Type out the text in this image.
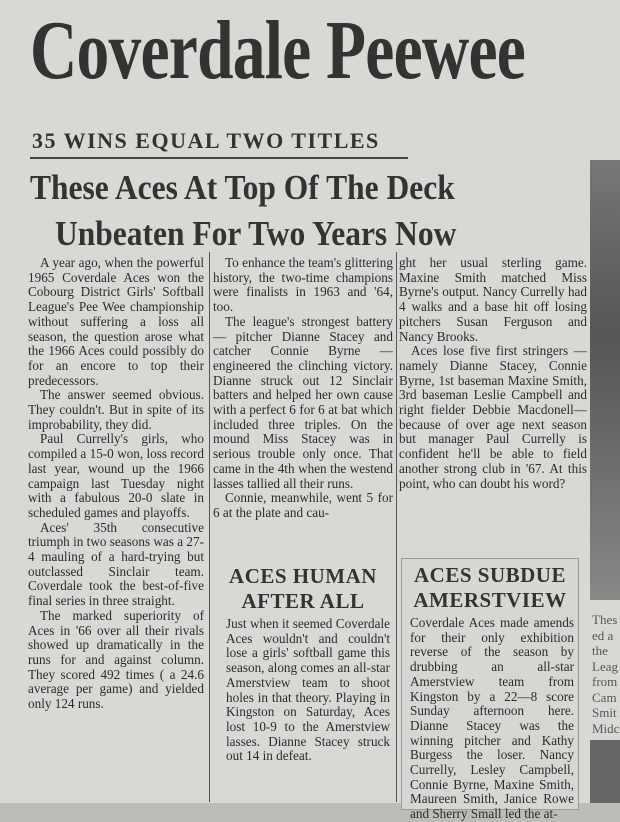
Coverdale Peewee
35 WINS EQUAL TWO TITLES
These Aces At Top Of The Deck
Unbeaten For Two Years Now

A year ago, when the powerful 1965 Coverdale Aces won the Cobourg District Girls' Softball League's Pee Wee championship without suffering a loss all season, the question arose what the 1966 Aces could possibly do for an encore to top their predecessors.

The answer seemed obvious. They couldn't. But in spite of its improbability, they did.

Paul Currelly's girls, who compiled a 15-0 won, loss record last year, wound up the 1966 campaign last Tuesday night with a fabulous 20-0 slate in scheduled games and playoffs.

Aces' 35th consecutive triumph in two seasons was a 27-4 mauling of a hard-trying but outclassed Sinclair team. Coverdale took the best-of-five final series in three straight.

The marked superiority of Aces in '66 over all their rivals showed up dramatically in the runs for and against column. They scored 492 times ( a 24.6 average per game) and yielded only 124 runs.

To enhance the team's glittering history, the two-time champions were finalists in 1963 and '64, too.

The league's strongest battery — pitcher Dianne Stacey and catcher Connie Byrne — engineered the clinching victory. Dianne struck out 12 Sinclair batters and helped her own cause with a perfect 6 for 6 at bat which included three triples. On the mound Miss Stacey was in serious trouble only once. That came in the 4th when the westend lasses tallied all their runs.

Connie, meanwhile, went 5 for 6 at the plate and cau-

ght her usual sterling game. Maxine Smith matched Miss Byrne's output. Nancy Currelly had 4 walks and a base hit off losing pitchers Susan Ferguson and Nancy Brooks.

Aces lose five first stringers — namely Dianne Stacey, Connie Byrne, 1st baseman Maxine Smith, 3rd baseman Leslie Campbell and right fielder Debbie Macdonell— because of over age next season but manager Paul Currelly is confident he'll be able to field another strong club in '67. At this point, who can doubt his word?

ACES HUMAN AFTER ALL
Just when it seemed Coverdale Aces wouldn't and couldn't lose a girls' softball game this season, along comes an all-star Amerstview team to shoot holes in that theory. Playing in Kingston on Saturday, Aces lost 10-9 to the Amerstview lasses. Dianne Stacey struck out 14 in defeat.
ACES SUBDUE AMERSTVIEW
Coverdale Aces made amends for their only exhibition reverse of the season by drubbing an all-star Amerstview team from Kingston by a 22—8 score Sunday afternoon here. Dianne Stacey was the winning pitcher and Kathy Burgess the loser. Nancy Currelly, Lesley Campbell, Connie Byrne, Maxine Smith, Maureen Smith, Janice Rowe and Sherry Small led the at-
Thes
ed a
the
Leag
from
Cam
Smit
Midc
